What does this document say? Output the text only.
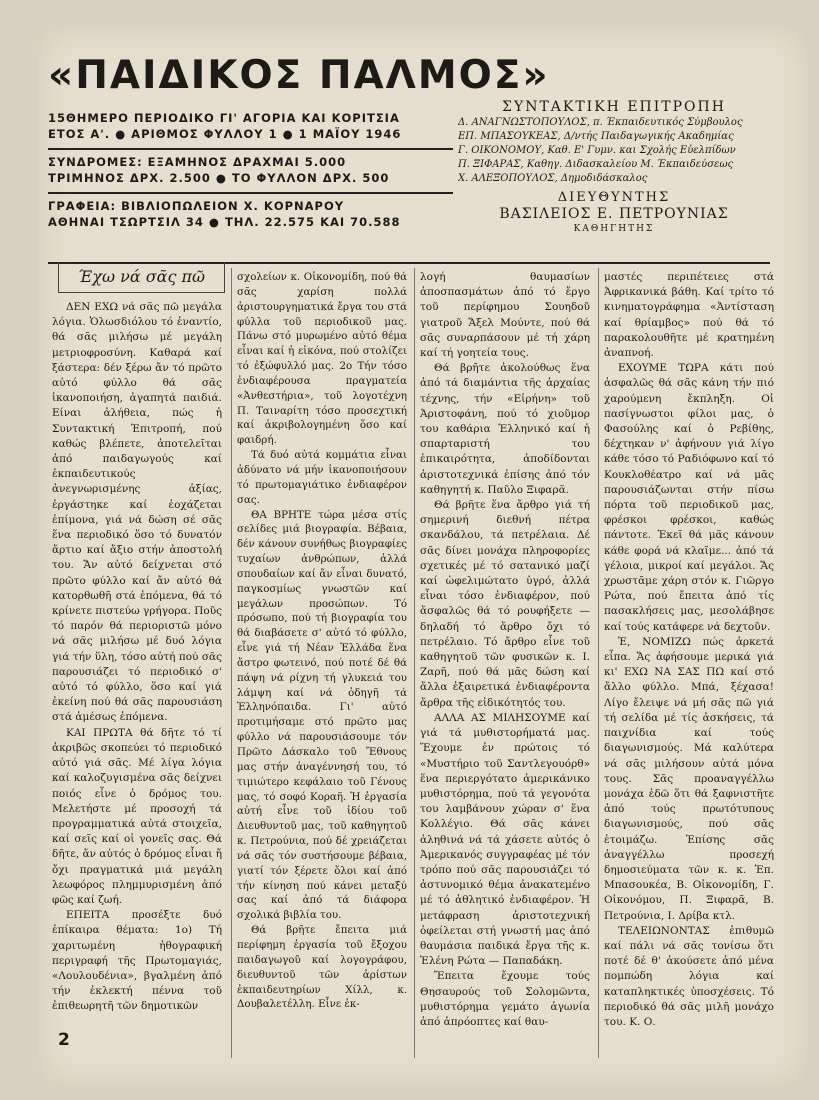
«ΠΑΙΔΙΚΟΣ ΠΑΛΜΟΣ»
15ΘΗΜΕΡΟ ΠΕΡΙΟΔΙΚΟ ΓΙ' ΑΓΟΡΙΑ ΚΑΙ ΚΟΡΙΤΣΙΑ
ΕΤΟΣ Α'. ● ΑΡΙΘΜΟΣ ΦΥΛΛΟΥ 1 ● 1 ΜΑΪΟΥ 1946
ΣΥΝΔΡΟΜΕΣ: ΕΞΑΜΗΝΟΣ ΔΡΑΧΜΑΙ 5.000
ΤΡΙΜΗΝΟΣ ΔΡΧ. 2.500 ● ΤΟ ΦΥΛΛΟΝ ΔΡΧ. 500
ΓΡΑΦΕΙΑ: ΒΙΒΛΙΟΠΩΛΕΙΟΝ Χ. ΚΟΡΝΑΡΟΥ
ΑΘΗΝΑΙ ΤΣΩΡΤΣΙΛ 34 ● ΤΗΛ. 22.575 ΚΑΙ 70.588
ΣΥΝΤΑΚΤΙΚΗ ΕΠΙΤΡΟΠΗ
Δ. ΑΝΑΓΝΩΣΤΟΠΟΥΛΟΣ, π. Έκπαιδευτικός Σύμβουλος
ΕΠ. ΜΠΑΣΟΥΚΕΑΣ, Δ/ντής Παιδαγωγικής Ακαδημίας
Γ. ΟΙΚΟΝΟΜΟΥ, Καθ. Ε' Γυμν. και Σχολής Εὐελπίδων
Π. ΞΙΦΑΡΑΣ, Καθηγ. Διδασκαλείου Μ. Έκπαιδεύσεως
Χ. ΑΛΕΞΟΠΟΥΛΟΣ, Δημοδιδάσκαλος
ΔΙΕΥΘΥΝΤΗΣ
ΒΑΣΙΛΕΙΟΣ Ε. ΠΕΤΡΟΥΝΙΑΣ
ΚΑΘΗΓΗΤΗΣ
Έχω νά σᾶς πῶ

ΔΕΝ ΕΧΩ νά σᾶς πῶ μεγάλα λόγια. Ὁλωσδιόλου τό ἐναντίο, θά σᾶς μιλήσω μέ μεγάλη μετριοφροσύνη. Καθαρά καί ξάστερα: δέν ξέρω ἄν τό πρῶτο αὐτό φύλλο θά σᾶς ἱκανοποιήση, ἀγαπητά παιδιά. Είναι ἀλήθεια, πώς ἡ Συντακτική Ἐπιτροπή, πού καθώς βλέπετε, ἀποτελεῖται ἀπό παιδαγωγούς καί ἐκπαιδευτικούς ἀνεγνωρισμένης ἀξίας, ἐργάστηκε καί ἐοχάζεται ἐπίμονα, γιά νά δώση σέ σᾶς ἕνα περιοδικό ὅσο τό δυνατόν ἄρτιο καί ἄξιο στήν ἀποστολή του. Ἄν αὐτό δείχνεται στό πρῶτο φύλλο καί ἄν αὐτό θά κατορθωθῆ στά ἑπόμενα, θά τό κρίνετε πιστεύω γρήγορα. Ποῦς τό παρόν θά περιοριστῶ μόνο νά σᾶς μιλήσω μέ δυό λόγια γιά τήν ὕλη, τόσο αὐτή πού σᾶς παρουσιάζει τό περιοδικό σ' αὐτό τό φύλλο, ὅσο καί γιά ἐκείνη πού θά σᾶς παρουσιάση στά ἀμέσως ἑπόμενα.

ΚΑΙ ΠΡΩΤΑ θά δῆτε τό τί ἀκριβῶς σκοπεύει τό περιοδικό αὐτό γιά σᾶς. Μέ λίγα λόγια καί καλοζυγισμένα σᾶς δείχνει ποιός εἶνε ὁ δρόμος του. Μελετήστε μέ προσοχή τά προγραμματικά αὐτά στοιχεῖα, καί σεῖς καί οἱ γονεῖς σας. Θά δῆτε, ἄν αὐτός ὁ δρόμος εἶναι ἤ ὄχι πραγματικά μιά μεγάλη λεωφόρος πλημμυρισμένη ἀπό φῶς καί ζωή.

ΕΠΕΙΤΑ προσέξτε δυό ἐπίκαιρα θέματα: 1ο) Τή χαριτωμένη ἠθογραφική περιγραφή τῆς Πρωτομαγιάς, «Λουλουδένια», βγαλμένη ἀπό τήν ἐκλεκτή πέννα τοῦ ἐπιθεωρητῆ τῶν δημοτικῶν

σχολείων κ. Οἰκονομίδη, πού θά σᾶς χαρίση πολλά ἀριστουργηματικά ἔργα του στά φύλλα τοῦ περιοδικοῦ μας. Πάνω στό μυρωμένο αὐτό θέμα εἶναι καί ἡ εἰκόνα, πού στολίζει τό ἐξώφυλλό μας. 2ο Τήν τόσο ἐνδιαφέρουσα πραγματεία «Ἀνθεστήρια», τοῦ λογοτέχνη Π. Ταιναρίτη τόσο προσεχτική καί ἀκριβολογημένη ὅσο καί φαιδρή.

Τά δυό αὐτά κομμάτια εἶναι ἀδύνατο νά μήν ἱκανοποιήσουν τό πρωτομαγιάτικο ἐνδιαφέρον σας.

ΘΑ ΒΡΗΤΕ τώρα μέσα στίς σελίδες μιά βιογραφία. Βέβαια, δέν κάνουν συνήθως βιογραφίες τυχαίων ἀνθρώπων, ἀλλά σπουδαίων καί ἄν εἶναι δυνατό, παγκοσμίως γνωστῶν καί μεγάλων προσώπων. Τό πρόσωπο, πού τή βιογραφία του θά διαβάσετε σ' αὐτό τό φύλλο, εἶνε γιά τή Νέαν Ἑλλάδα ἕνα ἄστρο φωτεινό, πού ποτέ δέ θά πάψη νά ρίχνη τή γλυκειά του λάμψη καί νά ὁδηγῆ τά Ἑλληνόπαιδα. Γι' αὐτό προτιμήσαμε στό πρῶτο μας φύλλο νά παρουσιάσουμε τόν Πρῶτο Δάσκαλο τοῦ Ἔθνους μας στήν ἀναγέννησή του, τό τιμιώτερο κεφάλαιο τοῦ Γένους μας, τό σοφό Κοραῆ. Ἡ ἐργασία αὐτή εἶνε τοῦ ἰδίου τοῦ Διευθυντοῦ μας, τοῦ καθηγητοῦ κ. Πετρούνια, πού δέ χρειάζεται νά σᾶς τόν συστήσουμε βέβαια, γιατί τόν ξέρετε ὅλοι καί ἀπό τήν κίνηση πού κάνει μεταξύ σας καί ἀπό τά διάφορα σχολικά βιβλία του.

Θά βρῆτε ἔπειτα μιά περίφημη ἐργασία τοῦ ἔξοχου παιδαγωγοῦ καί λογογράφου, διευθυντοῦ τῶν ἀρίστων ἐκπαιδευτηρίων Χίλλ, κ. Δουβαλετέλλη. Εἶνε ἐκ-

λογή θαυμασίων ἀποσπασμάτων ἀπό τό ἔργο τοῦ περίφημου Σουηδοῦ γιατροῦ Ἄξελ Μούντε, πού θά σᾶς συναρπάσουν μέ τή χάρη καί τή γοητεία τους.

Θά βρῆτε ἀκολούθως ἕνα ἀπό τά διαμάντια τῆς ἀρχαίας τέχνης, τήν «Εἰρήνη» τοῦ Ἀριστοφάνη, πού τό χιοῦμορ του καθάρια Ἑλληνικό καί ἡ σπαρταριστή του ἐπικαιρότητα, ἀποδίδονται ἀριστοτεχνικά ἐπίσης ἀπό τόν καθηγητή κ. Παῦλο Ξιφαρᾶ.

Θά βρῆτε ἕνα ἄρθρο γιά τή σημερινή διεθνή πέτρα σκανδάλου, τά πετρέλαια. Δέ σᾶς δίνει μονάχα πληροφορίες σχετικές μέ τό σατανικό μαζί καί ὠφελιμώτατο ὑγρό, ἀλλά εἶναι τόσο ἐνδιαφέρον, πού ἄσφαλῶς θά τό ρουφήξετε — δηλαδή τό ἄρθρο ὄχι τό πετρέλαιο. Τό ἄρθρο εἶνε τοῦ καθηγητοῦ τῶν φυσικῶν κ. Ι. Ζαρῆ, πού θά μᾶς δώση καί ἄλλα ἐξαιρετικά ἐνδιαφέροντα ἄρθρα τῆς εἰδικότητός του.

ΑΛΛΑ ΑΣ ΜΙΛΗΣΟΥΜΕ καί γιά τά μυθιστορήματά μας. Ἔχουμε ἐν πρώτοις τό «Μυστήριο τοῦ Σαντλεγουόρθ» ἕνα περιεργότατο ἀμερικάνικο μυθιστόρημα, πού τά γεγονότα του λαμβάνουν χώραν σ' ἕνα Κολλέγιο. Θά σᾶς κάνει ἀληθινά νά τά χάσετε αὐτός ὁ Ἀμερικανός συγγραφέας μέ τόν τρόπο πού σᾶς παρουσιάζει τό ἀστυνομικό θέμα ἀνακατεμένο μέ τό ἀθλητικό ἐνδιαφέρον. Ἡ μετάφραση ἀριστοτεχνική ὀφείλεται στή γνωστή μας ἀπό θαυμάσια παιδικά ἔργα τῆς κ. Ἑλένη Ρώτα — Παπαδάκη.

Ἔπειτα ἔχουμε τούς Θησαυρούς τοῦ Σολομῶντα, μυθιστόρημα γεμάτο ἀγωνία ἀπό ἀπρόοπτες καί θαυ-

μαστές περιπέτειες στά Ἀφρικανικά βάθη. Καί τρίτο τό κινηματογράφημα «Ἀντίσταση καί θρίαμβος» πού θά τό παρακολουθῆτε μέ κρατημένη ἀναπνοή.

ΕΧΟΥΜΕ ΤΩΡΑ κάτι πού ἀσφαλῶς θά σᾶς κάνη τήν πιό χαρούμενη ἔκπληξη. Οἱ πασίγνωστοι φίλοι μας, ὁ Φασούλης καί ὁ Ρεβίθης, δέχτηκαν ν' ἀφήνουν γιά λίγο κάθε τόσο τό Ραδιόφωνο καί τό Κουκλοθέατρο καί νά μᾶς παρουσιάζωνται στήν πίσω πόρτα τοῦ περιοδικοῦ μας, φρέσκοι φρέσκοι, καθώς πάντοτε. Ἐκεῖ θά μᾶς κάνουν κάθε φορά νά κλαῖμε... ἀπό τά γέλοια, μικροί καί μεγάλοι. Ἄς χρωστᾶμε χάρη στόν κ. Γιῶργο Ρώτα, πού ἔπειτα ἀπό τίς πασακλήσεις μας, μεσολάβησε καί τούς κατάφερε νά δεχτοῦν.

Ἐ, ΝΟΜΙΖΩ πώς ἀρκετά εἶπα. Ἄς ἀφήσουμε μερικά γιά κι' ΕΧΩ ΝΑ ΣΑΣ ΠΩ καί στό ἄλλο φύλλο. Μπά, ξέχασα! Λίγο ἔλειψε νά μή σᾶς πῶ γιά τή σελίδα μέ τίς ἀσκήσεις, τά παιχνίδια καί τούς διαγωνισμούς. Μά καλύτερα νά σᾶς μιλήσουν αὐτά μόνα τους. Σᾶς προαναγγέλλω μονάχα ἐδῶ ὅτι θά ξαφνιστῆτε ἀπό τούς πρωτότυπους διαγωνισμούς, πού σᾶς ἑτοιμάζω. Ἐπίσης σᾶς ἀναγγέλλω προσεχή δημοσιεύματα τῶν κ. κ. Ἐπ. Μπασουκέα, Β. Οἰκονομίδη, Γ. Οἰκονόμου, Π. Ξιφαρᾶ, Β. Πετρούνια, Ι. Δρίβα κτλ.

ΤΕΛΕΙΩΝΟΝΤΑΣ ἐπιθυμῶ καί πάλι νά σᾶς τονίσω ὅτι ποτέ δέ θ' ἀκούσετε ἀπό μένα πομπώδη λόγια καί καταπληκτικές ὑποσχέσεις. Τό περιοδικό θά σᾶς μιλῆ μονάχο του. Κ. Ο.

2
